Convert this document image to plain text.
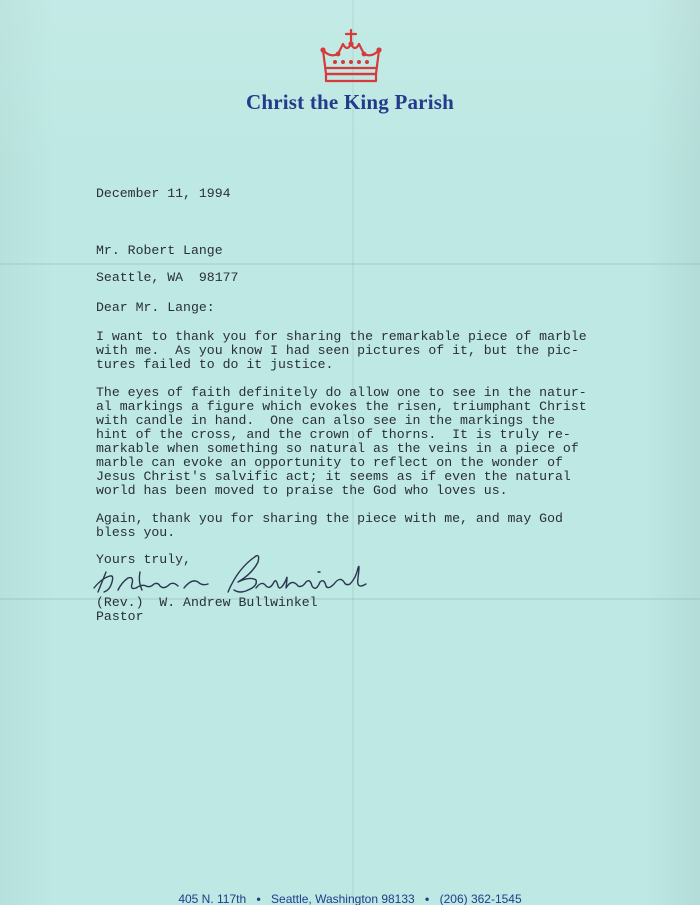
Christ the King Parish
December 11, 1994
Mr. Robert Lange
Seattle, WA  98177
Dear Mr. Lange:
I want to thank you for sharing the remarkable piece of marble
with me.  As you know I had seen pictures of it, but the pic-
tures failed to do it justice.
The eyes of faith definitely do allow one to see in the natur-
al markings a figure which evokes the risen, triumphant Christ
with candle in hand.  One can also see in the markings the
hint of the cross, and the crown of thorns.  It is truly re-
markable when something so natural as the veins in a piece of
marble can evoke an opportunity to reflect on the wonder of
Jesus Christ's salvific act; it seems as if even the natural
world has been moved to praise the God who loves us.
Again, thank you for sharing the piece with me, and may God
bless you.
Yours truly,
(Rev.)  W. Andrew Bullwinkel
Pastor
405 N. 117th • Seattle, Washington 98133 • (206) 362-1545
